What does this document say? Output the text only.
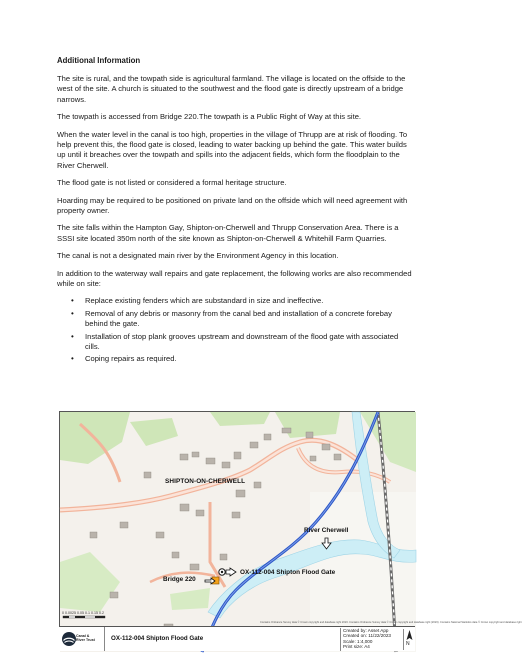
Additional Information

The site is rural, and the towpath side is agricultural farmland. The village is located on the offside to the west of the site. A church is situated to the southwest and the flood gate is directly upstream of a bridge narrows.

The towpath is accessed from Bridge 220.The towpath is a Public Right of Way at this site.

When the water level in the canal is too high, properties in the village of Thrupp are at risk of flooding. To help prevent this, the flood gate is closed, leading to water backing up behind the gate. This water builds up until it breaches over the towpath and spills into the adjacent fields, which form the floodplain to the River Cherwell.

The flood gate is not listed or considered a formal heritage structure.

Hoarding may be required to be positioned on private land on the offside which will need agreement with property owner.

The site falls within the Hampton Gay, Shipton-on-Cherwell and Thrupp Conservation Area. There is a SSSI site located 350m north of the site known as Shipton-on-Cherwell & Whitehill Farm Quarries.

The canal is not a designated main river by the Environment Agency in this location.

In addition to the waterway wall repairs and gate replacement, the following works are also recommended while on site:

• Replace existing fenders which are substandard in size and ineffective.
• Removal of any debris or masonry from the canal bed and installation of a concrete forebay behind the gate.
• Installation of stop plank grooves upstream and downstream of the flood gate with associated cills.
• Coping repairs as required.
SHIPTON-ON-CHERWELL
River Cherwell
OX-112-004 Shipton Flood Gate
Bridge 220
0 0.0025 0.05 0.1 0.15 0.2
Contains Ordnance Survey data © Crown copyright and database right 2023. Contains Ordnance Survey data © Crown copyright and database right (2023). Contains National Statistics data © Crown copyright and database right
Canal &
River Trust	OX-112-004 Shipton Flood Gate
Created by: Asset App
Created on: 11/22/2023
Scale: 1:4,000
Print size: A4	N
